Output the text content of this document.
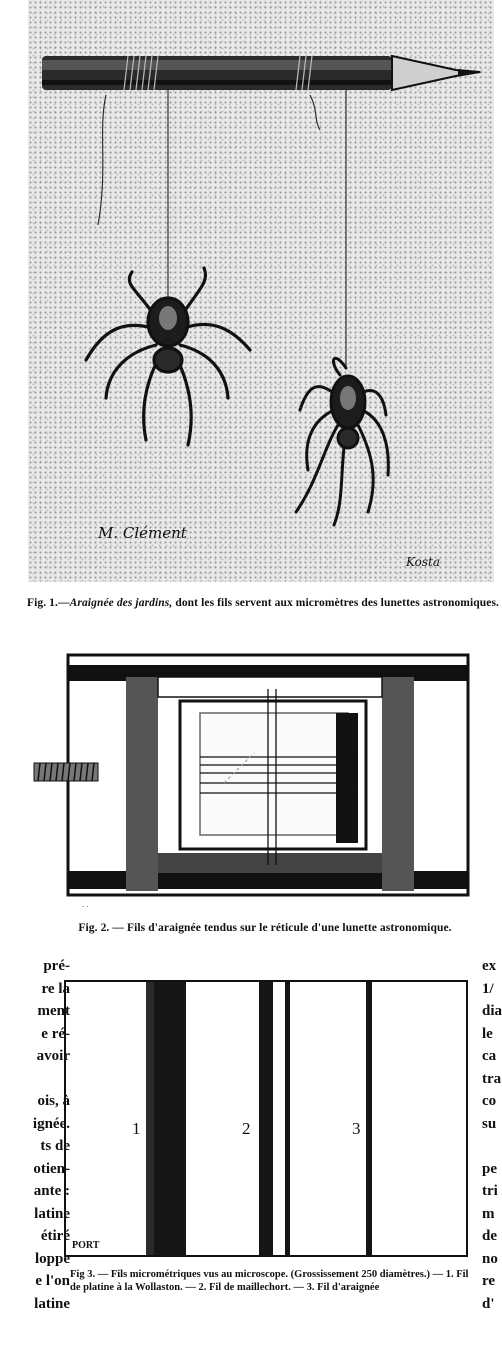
M. Clément
Kosta
Fig. 1.—Araignée des jardins, dont les fils servent aux micromètres des lunettes astronomiques.
. .
Fig. 2. — Fils d'araignée tendus sur le réticule d'une lunette astronomique.
1	2	3
PORT
Fig 3. — Fils micrométriques vus au microscope. (Grossissement 250 diamètres.) — 1. Fil de platine à la Wollaston. — 2. Fil de maillechort. — 3. Fil d'araignée
pré-
re la
ment
e ré-
avoir
ois, à
ignée.
ts de
otien-
ante :
latine
étiré
loppe
e l'on
latine
ex
1/
dia
le
ca
tra
co
su
pe
tri
m
de
no
re
d'
